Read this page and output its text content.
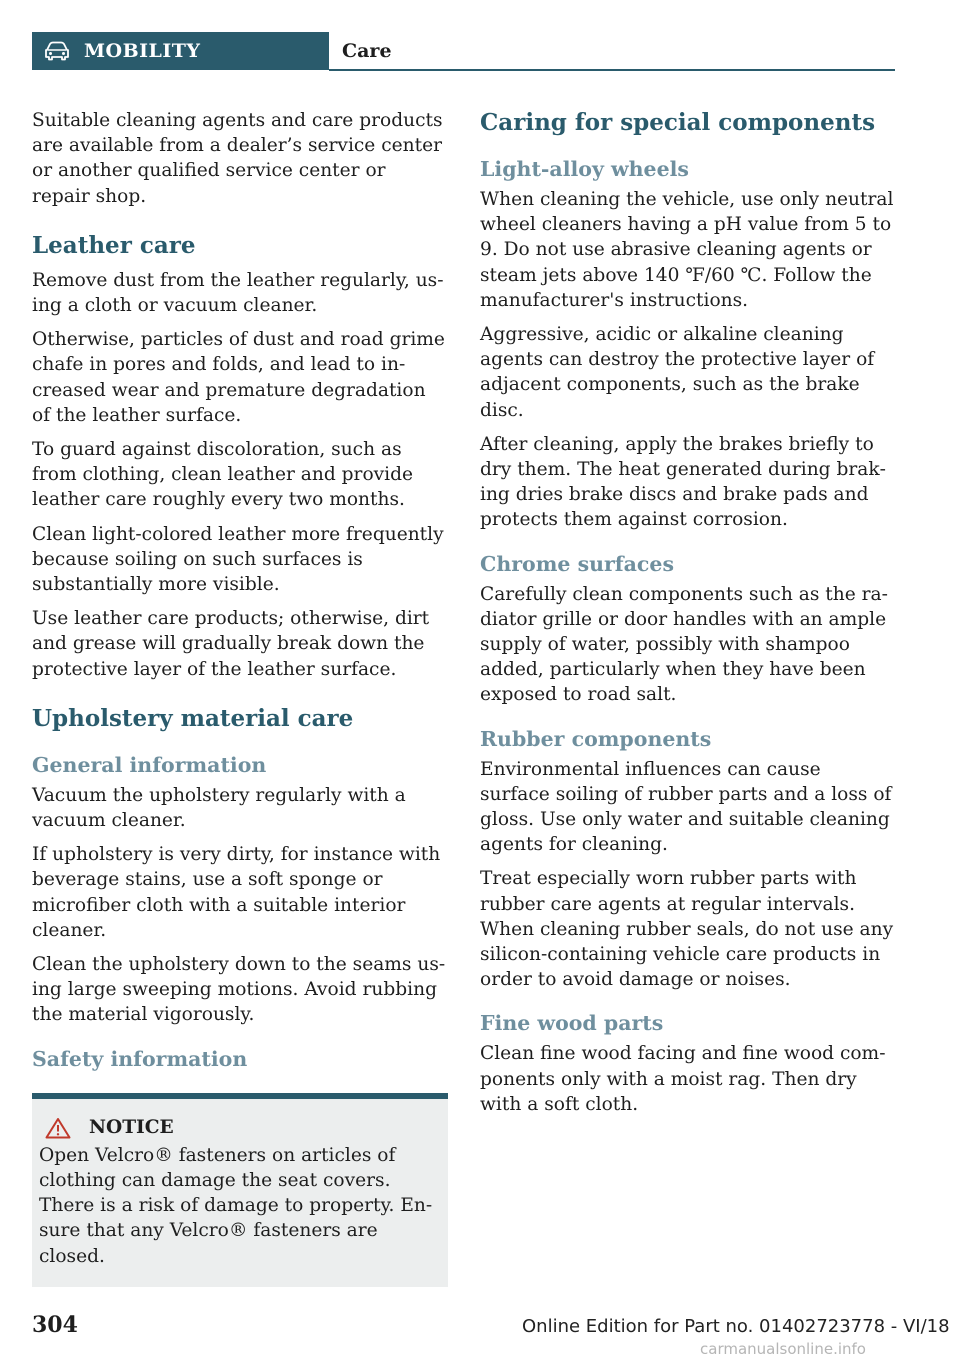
MOBILITY	Care

Suitable cleaning agents and care products are available from a dealer’s service center or another qualified service center or repair shop.

Leather care

Remove dust from the leather regularly, using a cloth or vacuum cleaner.

Otherwise, particles of dust and road grime chafe in pores and folds, and lead to increased wear and premature degradation of the leather surface.

To guard against discoloration, such as from clothing, clean leather and provide leather care roughly every two months.

Clean light-colored leather more frequently because soiling on such surfaces is substantially more visible.

Use leather care products; otherwise, dirt and grease will gradually break down the protective layer of the leather surface.

Upholstery material care
General information

Vacuum the upholstery regularly with a vacuum cleaner.

If upholstery is very dirty, for instance with beverage stains, use a soft sponge or microfiber cloth with a suitable interior cleaner.

Clean the upholstery down to the seams using large sweeping motions. Avoid rubbing the material vigorously.

Safety information
NOTICE

Open Velcro® fasteners on articles of clothing can damage the seat covers. There is a risk of damage to property. Ensure that any Velcro® fasteners are closed.

Caring for special components
Light-alloy wheels

When cleaning the vehicle, use only neutral wheel cleaners having a pH value from 5 to 9. Do not use abrasive cleaning agents or steam jets above 140 ℉/60 ℃. Follow the manufacturer's instructions.

Aggressive, acidic or alkaline cleaning agents can destroy the protective layer of adjacent components, such as the brake disc.

After cleaning, apply the brakes briefly to dry them. The heat generated during braking dries brake discs and brake pads and protects them against corrosion.

Chrome surfaces

Carefully clean components such as the radiator grille or door handles with an ample supply of water, possibly with shampoo added, particularly when they have been exposed to road salt.

Rubber components

Environmental influences can cause surface soiling of rubber parts and a loss of gloss. Use only water and suitable cleaning agents for cleaning.

Treat especially worn rubber parts with rubber care agents at regular intervals. When cleaning rubber seals, do not use any silicon-containing vehicle care products in order to avoid damage or noises.

Fine wood parts

Clean fine wood facing and fine wood components only with a moist rag. Then dry with a soft cloth.

304	Online Edition for Part no. 01402723778 - VI/18
carmanualsonline.info
